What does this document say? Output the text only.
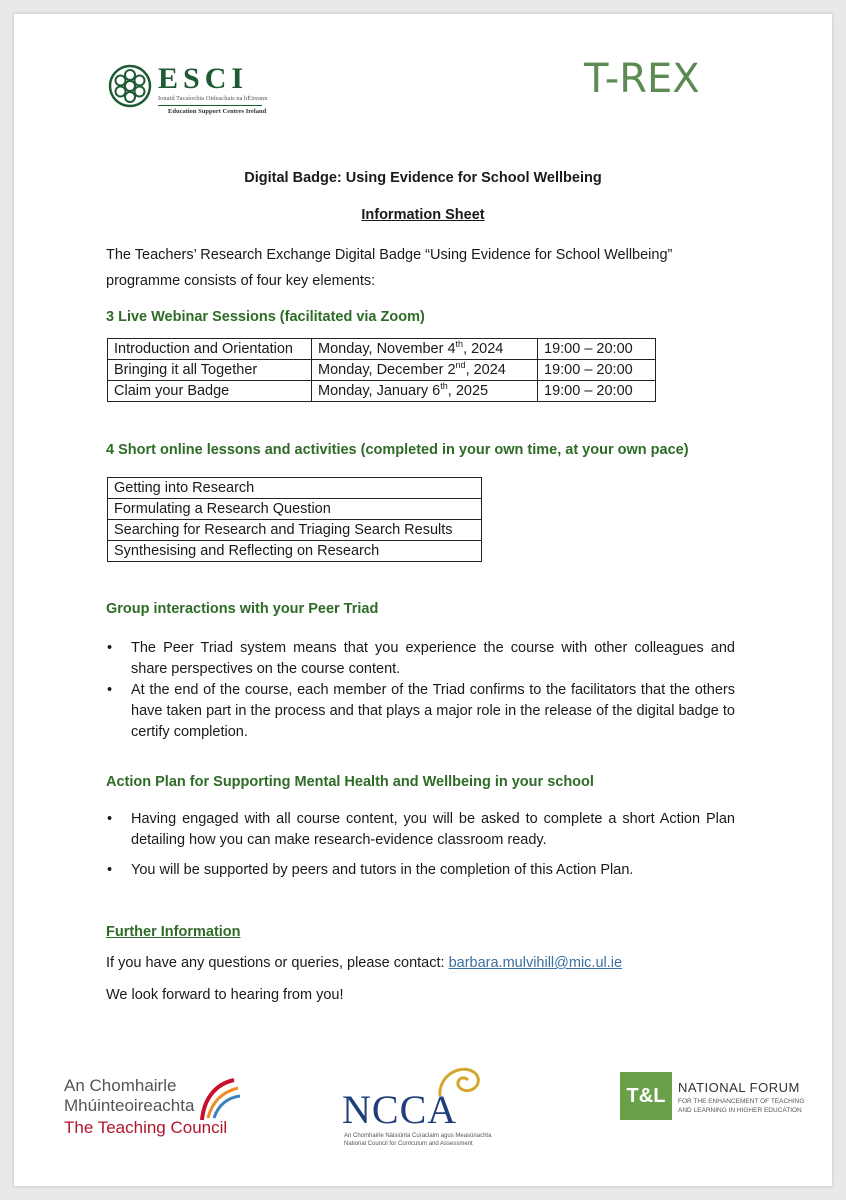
ESCI
Ionaid Tacaíochta Oideachais na hÉireann
Education Support Centres Ireland
T-REX
Digital Badge: Using Evidence for School Wellbeing
Information Sheet
The Teachers’ Research Exchange Digital Badge “Using Evidence for School Wellbeing”
programme consists of four key elements:
3 Live Webinar Sessions (facilitated via Zoom)
Introduction and Orientation	Monday, November 4th, 2024	19:00 – 20:00
Bringing it all Together	Monday, December 2nd, 2024	19:00 – 20:00
Claim your Badge	Monday, January 6th, 2025	19:00 – 20:00
4 Short online lessons and activities (completed in your own time, at your own pace)
Getting into Research
Formulating a Research Question
Searching for Research and Triaging Search Results
Synthesising and Reflecting on Research
Group interactions with your Peer Triad
• The Peer Triad system means that you experience the course with other colleagues and share perspectives on the course content.
• At the end of the course, each member of the Triad confirms to the facilitators that the others have taken part in the process and that plays a major role in the release of the digital badge to certify completion.
Action Plan for Supporting Mental Health and Wellbeing in your school
• Having engaged with all course content, you will be asked to complete a short Action Plan detailing how you can make research-evidence classroom ready.
• You will be supported by peers and tutors in the completion of this Action Plan.
Further Information
If you have any questions or queries, please contact: barbara.mulvihill@mic.ul.ie
We look forward to hearing from you!
An Chomhairle
Mhúinteoireachta
The Teaching Council	NCCA
An Chomhairle Náisiúnta Curaclaim agus Measúnachta
National Council for Curriculum and Assessment
T&L NATIONAL FORUM
FOR THE ENHANCEMENT OF TEACHING
AND LEARNING IN HIGHER EDUCATION
